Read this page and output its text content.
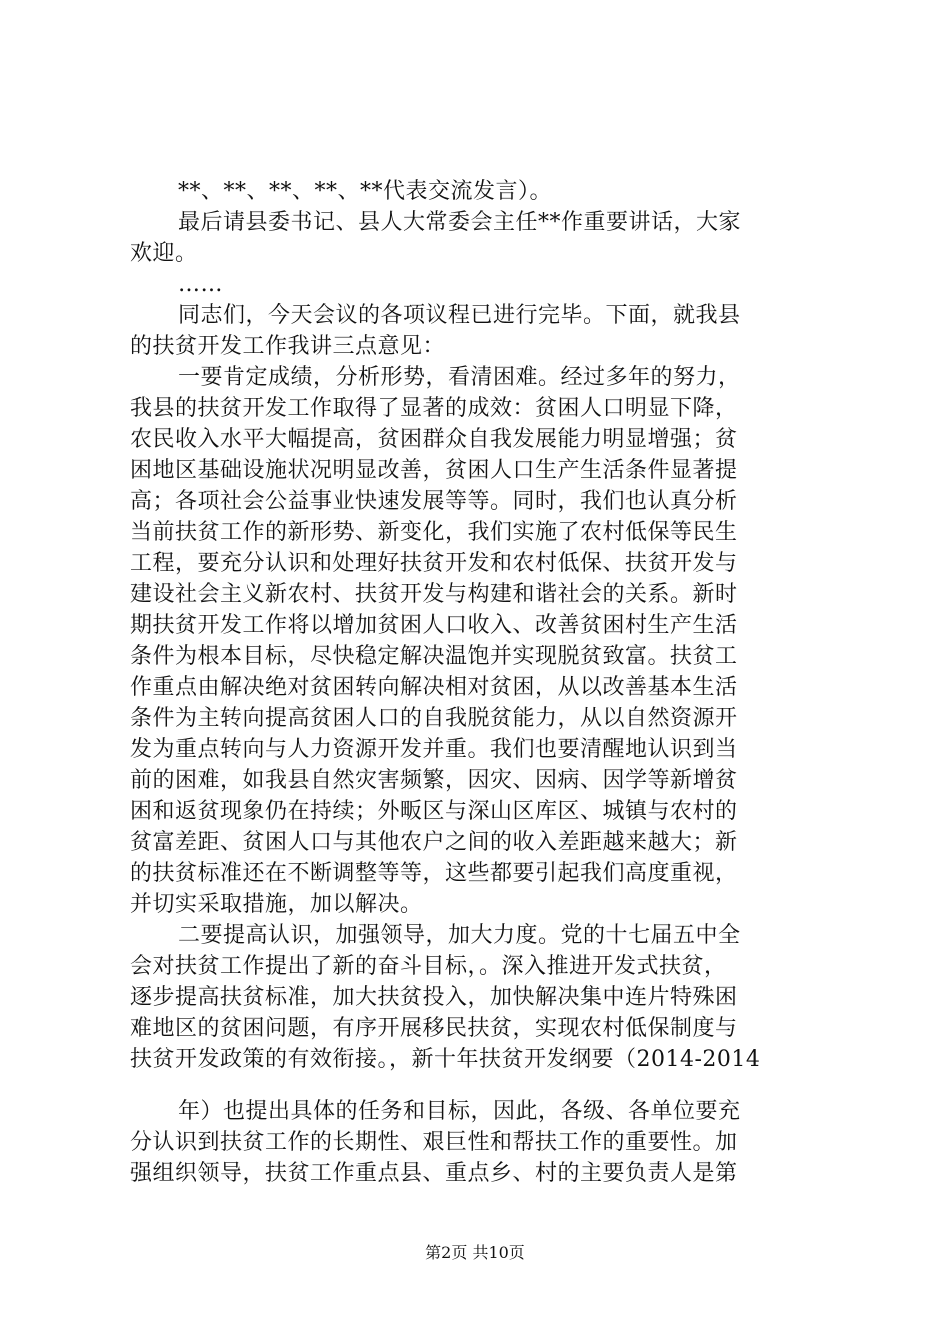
**、**、**、**、**代表交流发言）。
最后请县委书记、县人大常委会主任**作重要讲话，大家
欢迎。
……
同志们，今天会议的各项议程已进行完毕。下面，就我县
的扶贫开发工作我讲三点意见：
一要肯定成绩，分析形势，看清困难。经过多年的努力，
我县的扶贫开发工作取得了显著的成效：贫困人口明显下降，
农民收入水平大幅提高，贫困群众自我发展能力明显增强；贫
困地区基础设施状况明显改善，贫困人口生产生活条件显著提
高；各项社会公益事业快速发展等等。同时，我们也认真分析
当前扶贫工作的新形势、新变化，我们实施了农村低保等民生
工程，要充分认识和处理好扶贫开发和农村低保、扶贫开发与
建设社会主义新农村、扶贫开发与构建和谐社会的关系。新时
期扶贫开发工作将以增加贫困人口收入、改善贫困村生产生活
条件为根本目标，尽快稳定解决温饱并实现脱贫致富。扶贫工
作重点由解决绝对贫困转向解决相对贫困，从以改善基本生活
条件为主转向提高贫困人口的自我脱贫能力，从以自然资源开
发为重点转向与人力资源开发并重。我们也要清醒地认识到当
前的困难，如我县自然灾害频繁，因灾、因病、因学等新增贫
困和返贫现象仍在持续；外畈区与深山区库区、城镇与农村的
贫富差距、贫困人口与其他农户之间的收入差距越来越大；新
的扶贫标准还在不断调整等等，这些都要引起我们高度重视，
并切实采取措施，加以解决。
二要提高认识，加强领导，加大力度。党的十七届五中全
会对扶贫工作提出了新的奋斗目标，。深入推进开发式扶贫，
逐步提高扶贫标准，加大扶贫投入，加快解决集中连片特殊困
难地区的贫困问题，有序开展移民扶贫，实现农村低保制度与
扶贫开发政策的有效衔接。，新十年扶贫开发纲要（2014-2014
年）也提出具体的任务和目标，因此，各级、各单位要充
分认识到扶贫工作的长期性、艰巨性和帮扶工作的重要性。加
强组织领导，扶贫工作重点县、重点乡、村的主要负责人是第
第2页 共10页
